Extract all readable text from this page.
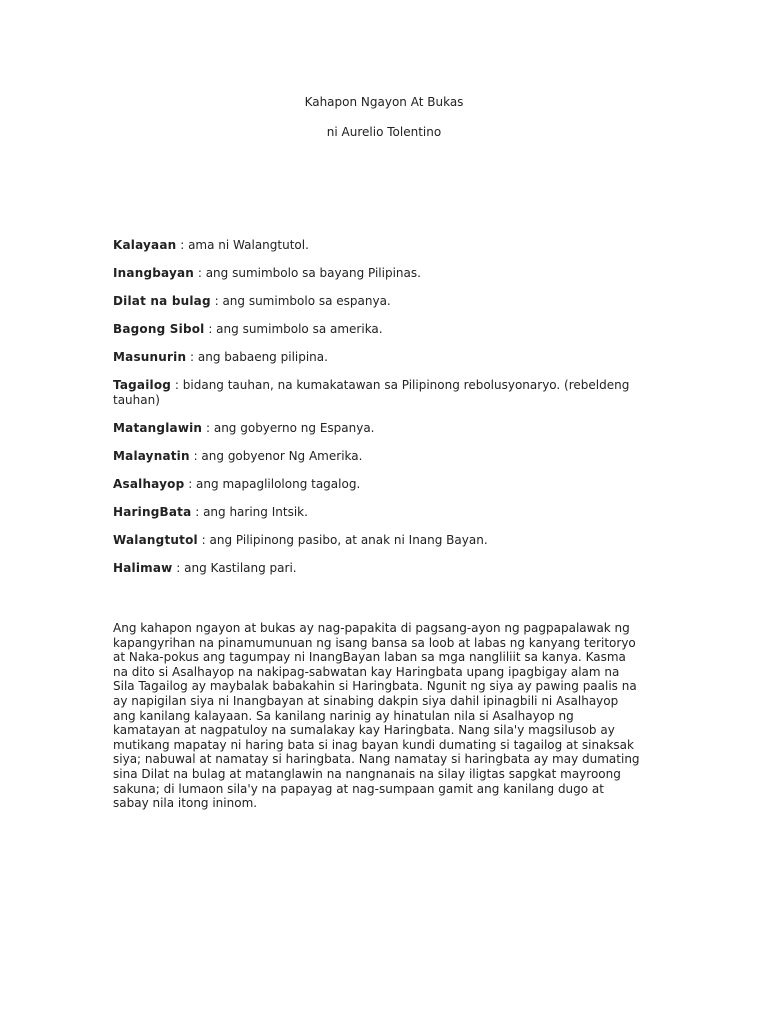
Kahapon Ngayon At Bukas
ni Aurelio Tolentino
Kalayaan : ama ni Walangtutol.
Inangbayan : ang sumimbolo sa bayang Pilipinas.
Dilat na bulag : ang sumimbolo sa espanya.
Bagong Sibol : ang sumimbolo sa amerika.
Masunurin : ang babaeng pilipina.
Tagailog : bidang tauhan, na kumakatawan sa Pilipinong rebolusyonaryo. (rebeldeng tauhan)
Matanglawin : ang gobyerno ng Espanya.
Malaynatin : ang gobyenor Ng Amerika.
Asalhayop : ang mapaglilolong tagalog.
HaringBata : ang haring Intsik.
Walangtutol : ang Pilipinong pasibo, at anak ni Inang Bayan.
Halimaw : ang Kastilang pari.

Ang kahapon ngayon at bukas ay nag-papakita di pagsang-ayon ng pagpapalawak ng kapangyrihan na pinamumunuan ng isang bansa sa loob at labas ng kanyang teritoryo at Naka-pokus ang tagumpay ni InangBayan laban sa mga nangliliit sa kanya. Kasma na dito si Asalhayop na nakipag-sabwatan kay Haringbata upang ipagbigay alam na Sila Tagailog ay maybalak babakahin si Haringbata. Ngunit ng siya ay pawing paalis na ay napigilan siya ni Inangbayan at sinabing dakpin siya dahil ipinagbili ni Asalhayop ang kanilang kalayaan. Sa kanilang narinig ay hinatulan nila si Asalhayop ng kamatayan at nagpatuloy na sumalakay kay Haringbata. Nang sila'y magsilusob ay mutikang mapatay ni haring bata si inag bayan kundi dumating si tagailog at sinaksak siya; nabuwal at namatay si haringbata. Nang namatay si haringbata ay may dumating sina Dilat na bulag at matanglawin na nangnanais na silay iligtas sapgkat mayroong sakuna; di lumaon sila'y na papayag at nag-sumpaan gamit ang kanilang dugo at sabay nila itong ininom.
